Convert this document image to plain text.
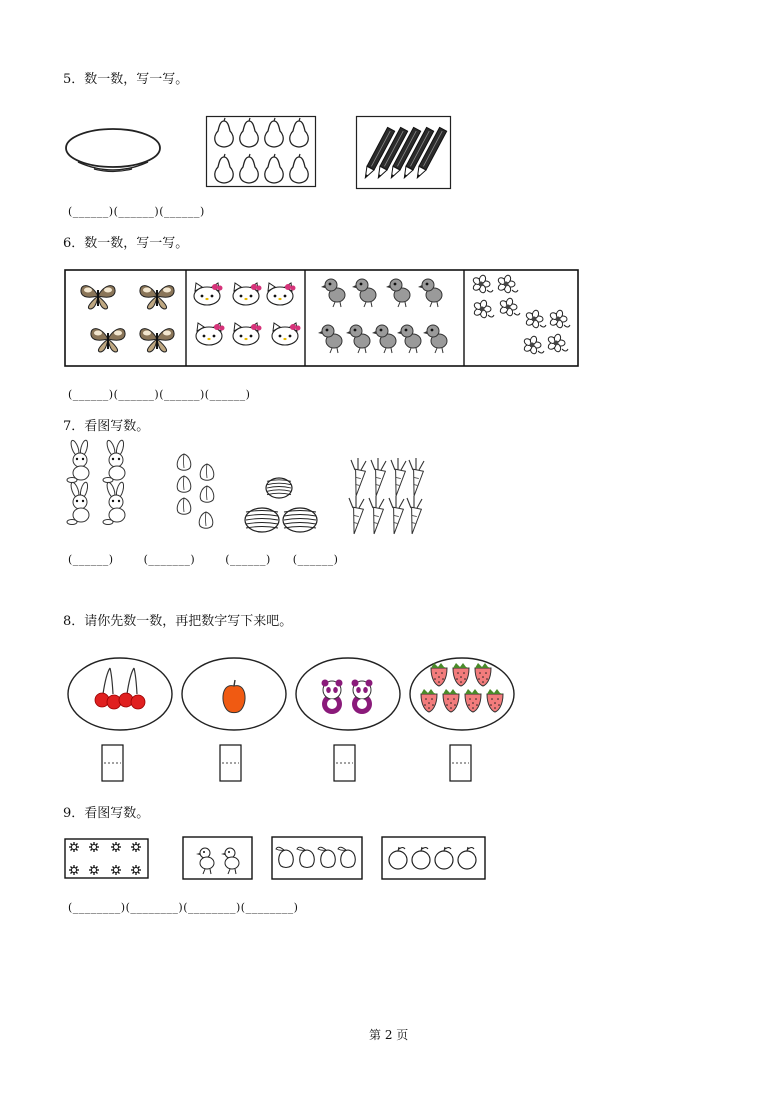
5．数一数，写一写。
(______)(______)(______)
6．数一数，写一写。
(______)(______)(______)(______)
7．看图写数。
(______)	(_______)	(______) (______)
8．请你先数一数，再把数字写下来吧。
9．看图写数。
(________)(________)(________)(________)
第 2 页
